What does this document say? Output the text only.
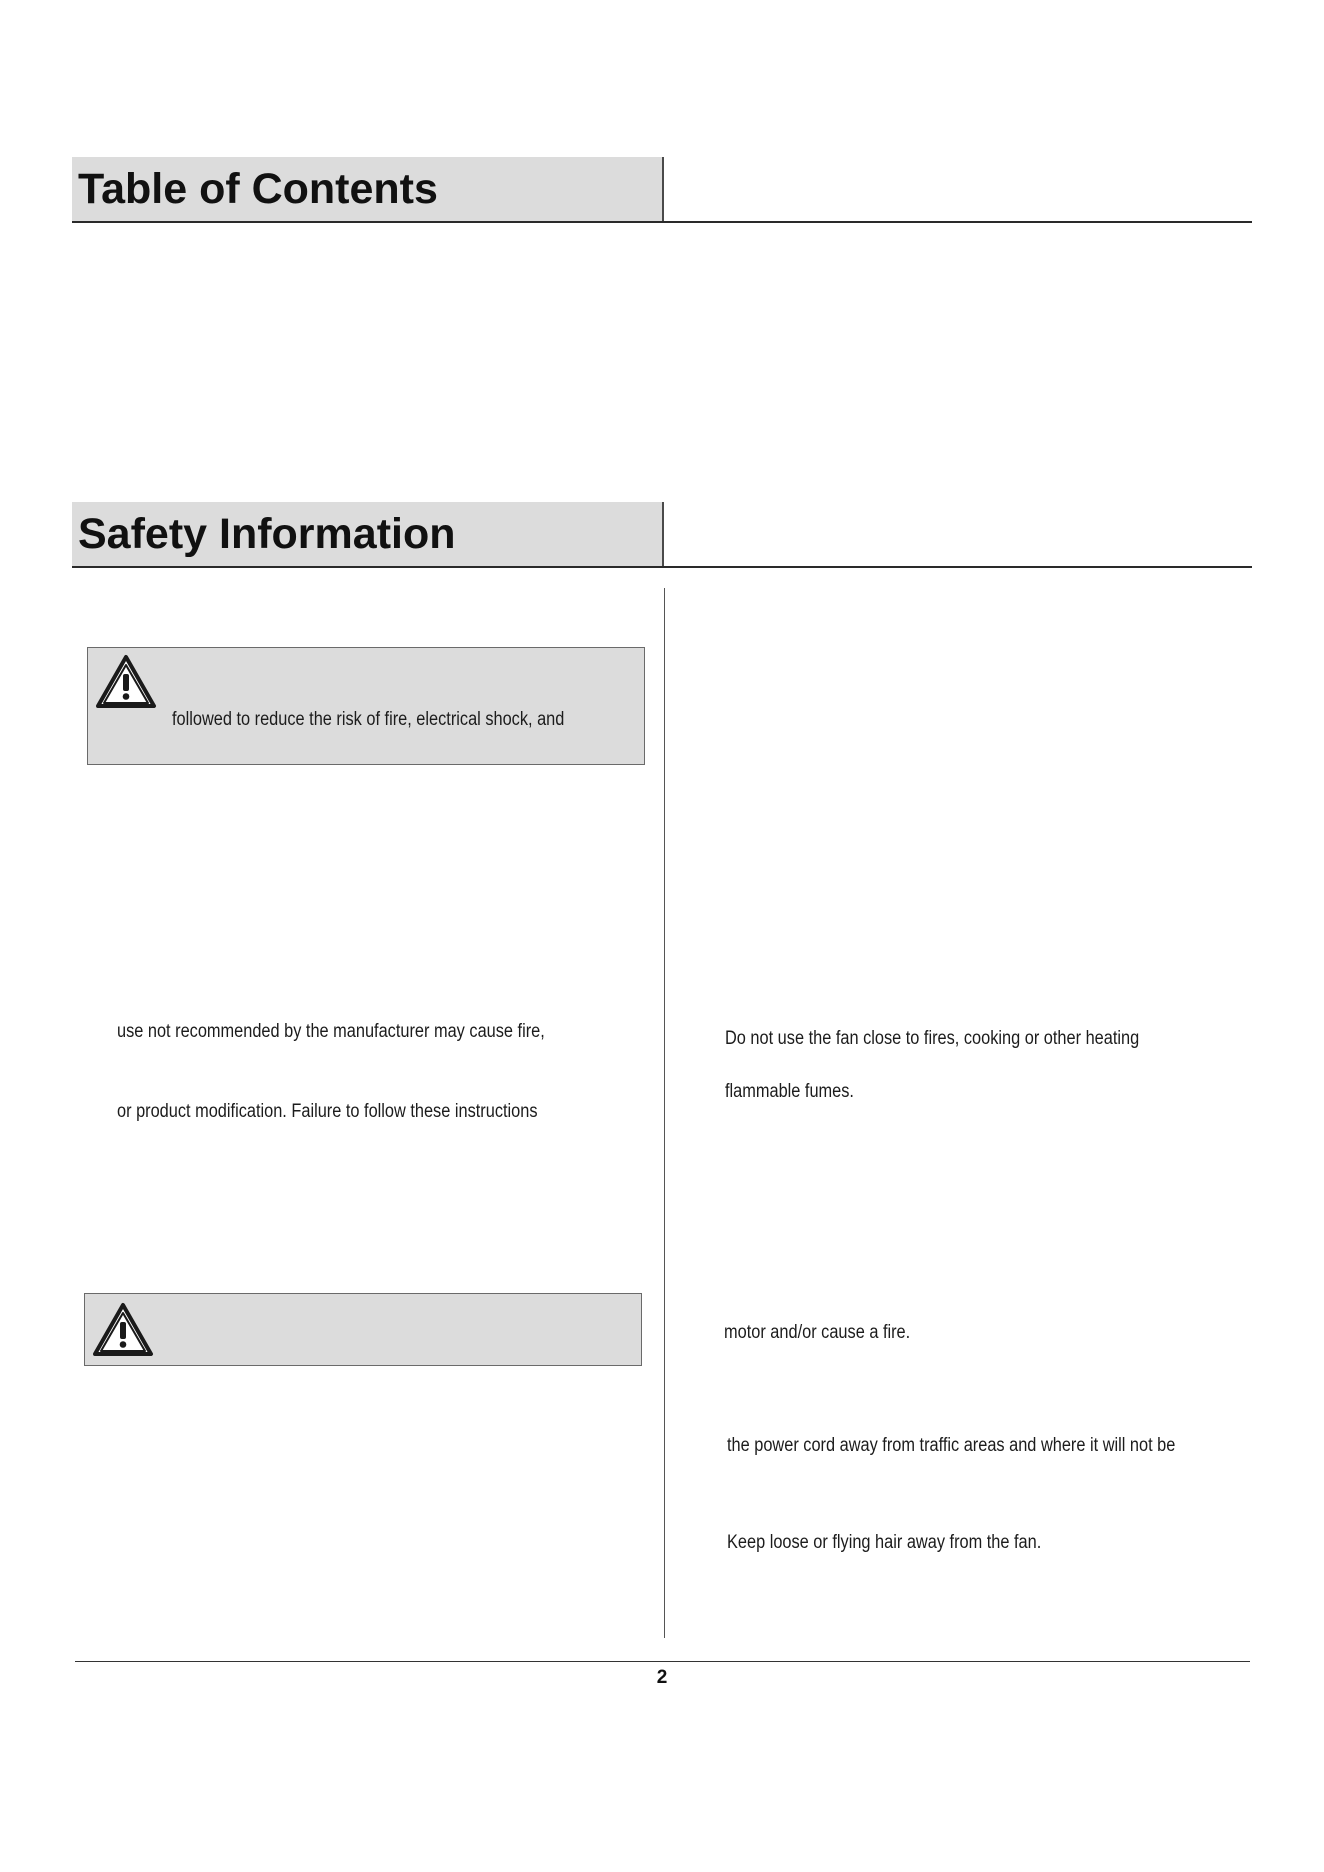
Table of Contents
Safety Information
followed to reduce the risk of fire, electrical shock, and
use not recommended by the manufacturer may cause fire,
or product modification. Failure to follow these instructions
Do not use the fan close to fires, cooking or other heating
flammable fumes.
motor and/or cause a fire.
the power cord away from traffic areas and where it will not be
Keep loose or flying hair away from the fan.
2
